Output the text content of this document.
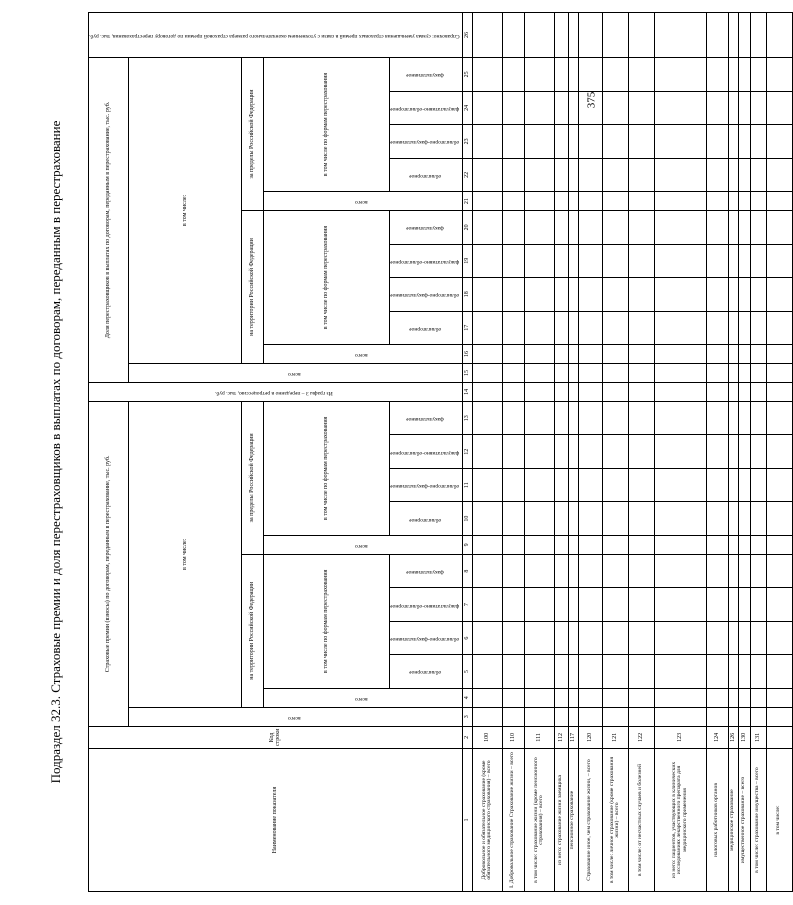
Подраздел 32.3. Страховые премии и доля перестраховщиков в выплатах по договорам, переданным в перестрахование
375
Наименование показателя	Код строки	Страховые премии (взносы) по договорам, переданным в перестрахование, тыс. руб.											Из графы 3 – переданно в ретроцессию, тыс. руб.	Доля перестраховщиков в выплатах по договорам, переданным в перестрахование, тыс. руб.											Справочно: сумма уменьшения страховых премий в связи с уточнением окончательного размера страховой премии по договору перестрахования, тыс. руб.
		всего	в том числе:											всего	в том числе:										
			на территории Российской Федерации					за пределы Российской Федерации							на территории Российской Федерации					за пределы Российской Федерации					
			всего	в том числе по формам перестрахования				всего	в том числе по формам перестрахования						всего	в том числе по формам перестрахования				всего	в том числе по формам перестрахования				
				облигаторное	облигаторно-факультативное	факультативно-облигаторное	факультативное		облигаторное	облигаторно-факультативное	факультативно-облигаторное	факультативное				облигаторное	облигаторно-факультативное	факультативно-облигаторное	факультативное		облигаторное	облигаторно-факультативное	факультативно-облигаторное	факультативное	
1	2	3	4	5	6	7	8	9	10	11	12	13	14	15	16	17	18	19	20	21	22	23	24	25	26
Добровольное и обязательное страхование (кроме обязательного медицинского страхования) – всего	100																								
I. Добровольное страхование Страхование жизни – всего	110																								
в том числе: страхование жизни (кроме пенсионного страхования) – всего	111																								
из него: страхование жизни заемщика	112																								
пенсионное страхование	117																								
Страхование иное, чем страхование жизни, – всего	120																								
в том числе: личное страхование (кроме страхования жизни) – всего	121																								
в том числе: от несчастных случаев и болезней	122																								
из него: пациентов, участвующих в клинических исследованиях лекарственного препарата для медицинского применения	123																								
налоговых работников органов	124																								
медицинское страхование	126																								
имущественное страхование – всего	130																								
в том числе: страхование имущества – всего	131																								
в том числе:																									
